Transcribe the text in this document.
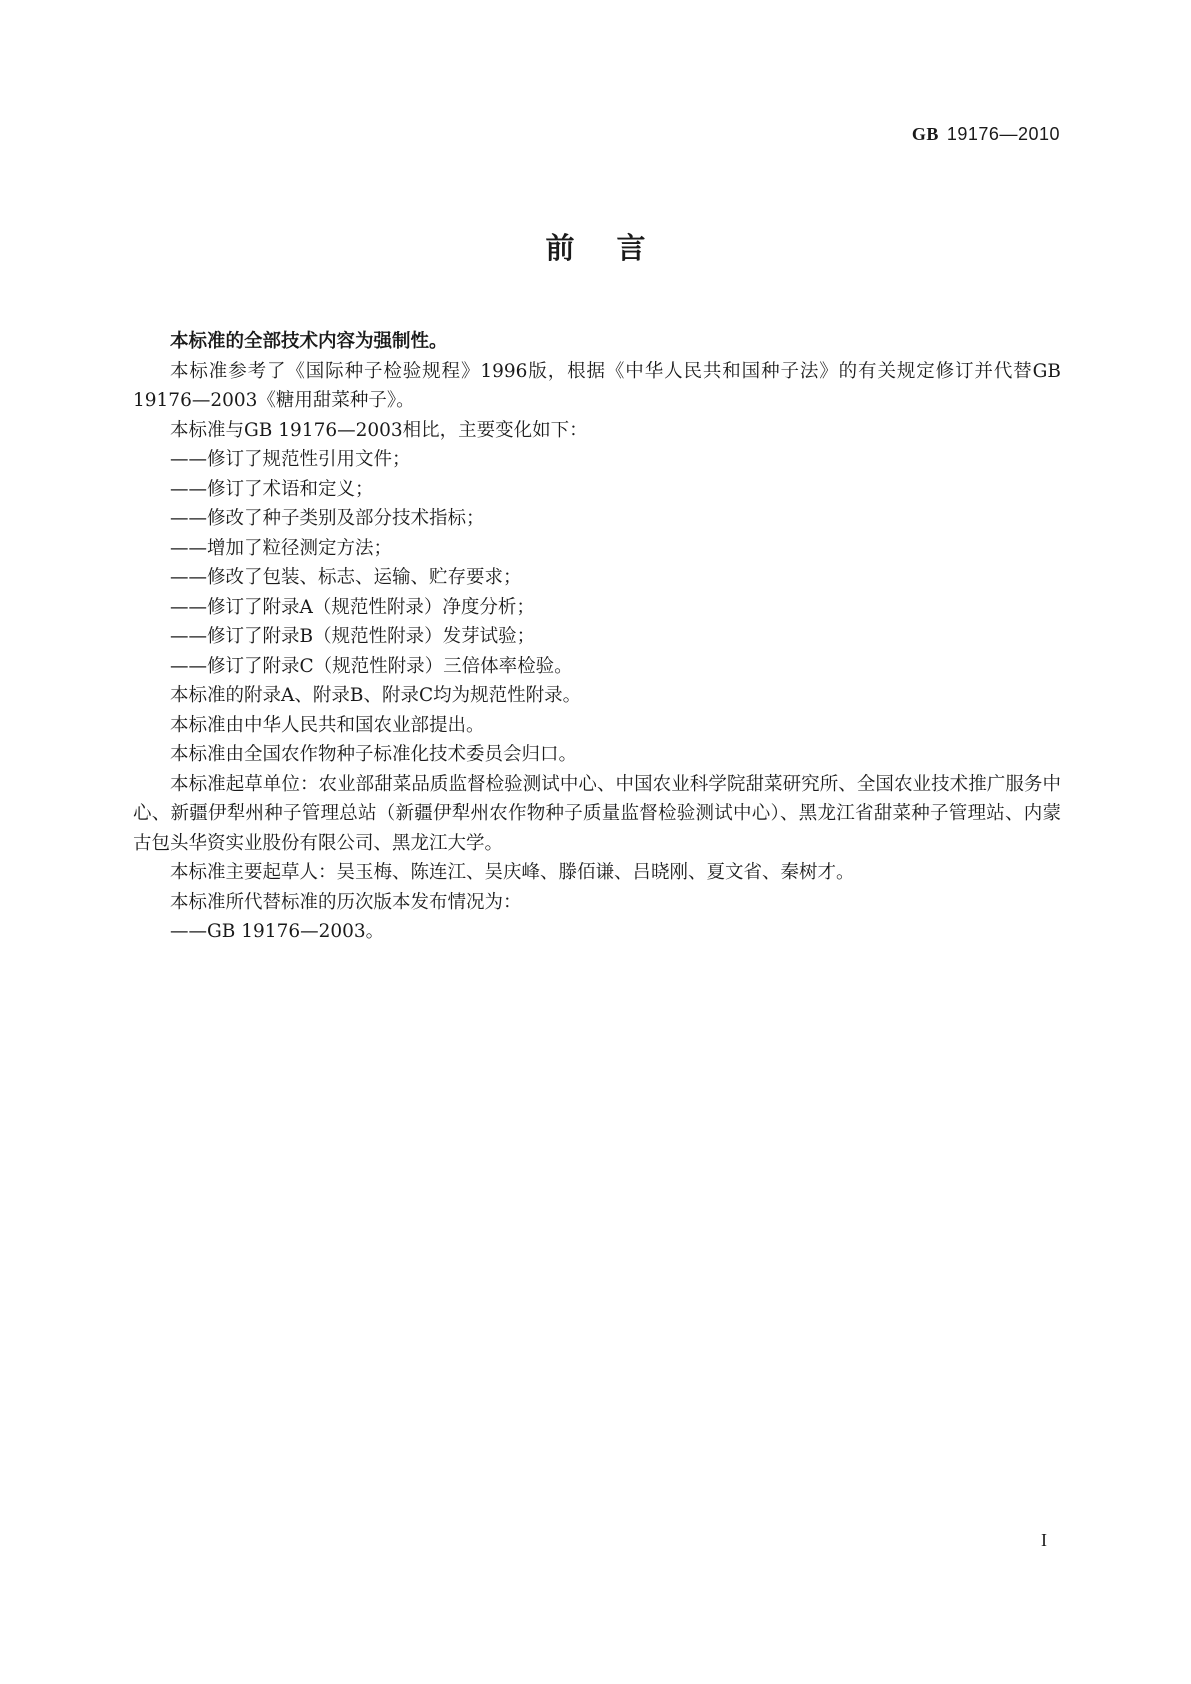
GB 19176—2010
前言

本标准的全部技术内容为强制性。

本标准参考了《国际种子检验规程》1996版，根据《中华人民共和国种子法》的有关规定修订并代替GB 19176—2003《糖用甜菜种子》。

本标准与GB 19176—2003相比，主要变化如下：

——修订了规范性引用文件；

——修订了术语和定义；

——修改了种子类别及部分技术指标；

——增加了粒径测定方法；

——修改了包装、标志、运输、贮存要求；

——修订了附录A（规范性附录）净度分析；

——修订了附录B（规范性附录）发芽试验；

——修订了附录C（规范性附录）三倍体率检验。

本标准的附录A、附录B、附录C均为规范性附录。

本标准由中华人民共和国农业部提出。

本标准由全国农作物种子标准化技术委员会归口。

本标准起草单位：农业部甜菜品质监督检验测试中心、中国农业科学院甜菜研究所、全国农业技术推广服务中心、新疆伊犁州种子管理总站（新疆伊犁州农作物种子质量监督检验测试中心）、黑龙江省甜菜种子管理站、内蒙古包头华资实业股份有限公司、黑龙江大学。

本标准主要起草人：吴玉梅、陈连江、吴庆峰、滕佰谦、吕晓刚、夏文省、秦树才。

本标准所代替标准的历次版本发布情况为：

——GB 19176—2003。

I
